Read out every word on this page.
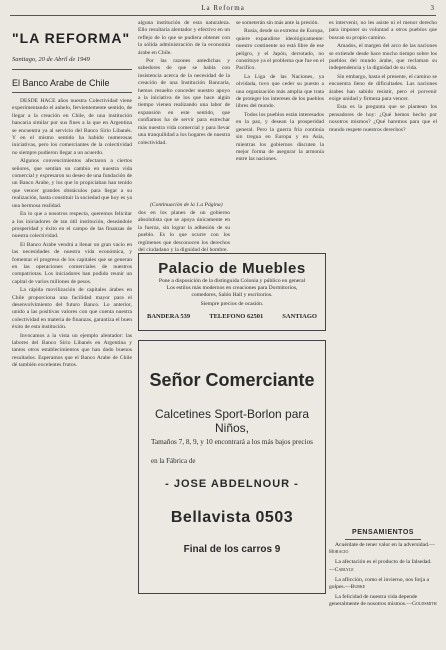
La Reforma	3
"LA REFORMA"
Santiago, 20 de Abril de 1949
El Banco Arabe de Chile

DESDE HACE años nuestra Colectividad viene experimentando el anhelo, fervientemente sentido, de llegar a la creación en Chile, de una institución bancaria similar por sus fines a la que en Argentina se encuentra ya al servicio del Banco Sirio Libanés. Y en el mismo sentido ha habido numerosas iniciativas, pero los comerciantes de la colectividad no siempre pudieron llegar a un acuerdo.

Algunos convencimientos afectaron a ciertos señores, que sentían un cambio en nuestra vida comercial y expresaron su deseo de una fundación de un Banco Arabe, y los que lo propiciaban han tenido que vencer grandes obstáculos para llegar a su realización, hasta constituir la sociedad que hoy es ya una hermosa realidad.

En lo que a nosotros respecta, queremos felicitar a los iniciadores de tan útil institución, deseándole prosperidad y éxito en el campo de las finanzas de nuestra colectividad.

El Banco Arabe vendrá a llenar un gran vacío en las necesidades de nuestra vida económica, y fomentar el progreso de los capitales que se generan en las operaciones comerciales de nuestros compatriotas. Los iniciadores han podido reunir un capital de varios millones de pesos.

La rápida movilización de capitales árabes en Chile proporciona una facilidad mayor para el desenvolvimiento del futuro Banco. Lo anterior, unido a las positivas valores con que cuenta nuestra colectividad en materia de finanzas, garantiza el buen éxito de esta institución.

Invocamos a la vista un ejemplo alentador: las labores del Banco Sirio Libanés en Argentina y tantos otros establecimientos que han dado buenos resultados. Esperamos que el Banco Arabe de Chile dé también excelentes frutos.

alguna institución de esta naturaleza. Ello resultaría alentador y efectivo en un reflejo de lo que se pudiera obtener con la sólida administración de la economía árabe en Chile.

Por las razones antedichas y sabedores de que se habla con insistencia acerca de la necesidad de la creación de una Institución Bancaria, hemos resuelto conceder nuestro apoyo a la iniciativa de los que hace algún tiempo vienen realizando una labor de expansión en este sentido, que confiamos ha de servir para estrechar más nuestra vida comercial y para llevar una tranquilidad a los hogares de nuestra colectividad.

(Continuación de la 1.a Página)

dos en los planes de un gobierno absolutista que se apoya únicamente en la fuerza, sin lograr la adhesión de su pueblo. Es lo que ocurre con los regímenes que desconocen los derechos del ciudadano y la dignidad del hombre.

se someterán sin más ante la presión.

Rusia, desde su extremo de Europa, quiere expandirse ideológicamente: nuestro continente no está libre de ese peligro, y el Japón, derrotado, no constituye ya el problema que fue en el Pacífico.

La Liga de las Naciones, ya olvidada, tuvo que ceder su puesto a una organización más amplia que trata de proteger los intereses de los pueblos libres del mundo.

Todos los pueblos están interesados en la paz, y desean la prosperidad general. Pero la guerra fría continúa sin tregua en Europa y en Asia, mientras los gobiernos discuten la mejor forma de asegurar la armonía entre las naciones.

es intervenir, no les asiste ni el menor derecho para imponer su voluntad a otros pueblos que buscan su propio camino.

Amados, el margen del arco de las naciones se extiende desde hace mucho tiempo sobre los pueblos del mundo árabe, que reclaman su independencia y la dignidad de su vida.

Sin embargo, hasta el presente, el camino se encuentra lleno de dificultades. Las naciones árabes han sabido resistir, pero el porvenir exige unidad y firmeza para vencer.

Esta es la pregunta que se plantean los pensadores de hoy: ¿Qué hemos hecho por nosotros mismos? ¿Qué haremos para que el mundo respete nuestros derechos?

Palacio de Muebles
Pone a disposición de la distinguida Colonia y público en general
Los estilos más modernos en creaciones para Dormitorios,
comedores, Salón Hall y escritorios.
Siempre precios de ocasión.
BANDERA 539	TELEFONO 62501	SANTIAGO
Señor Comerciante
Calcetines Sport-Borlon para Niños,
Tamaños 7, 8, 9, y 10 encontrará a los más bajos precios
en la Fábrica de
- JOSE ABDELNOUR -
Bellavista 0503
Final de los carros 9
PENSAMIENTOS
Acuérdate de tener valor en la adversidad.—Horacio
La afectación es el producto de la falsedad.—Carlyle
La aflicción, como el invierno, nos forja a golpes.—Burke
La felicidad de nuestra vida depende generalmente de nosotros mismos.—Goldsmith
